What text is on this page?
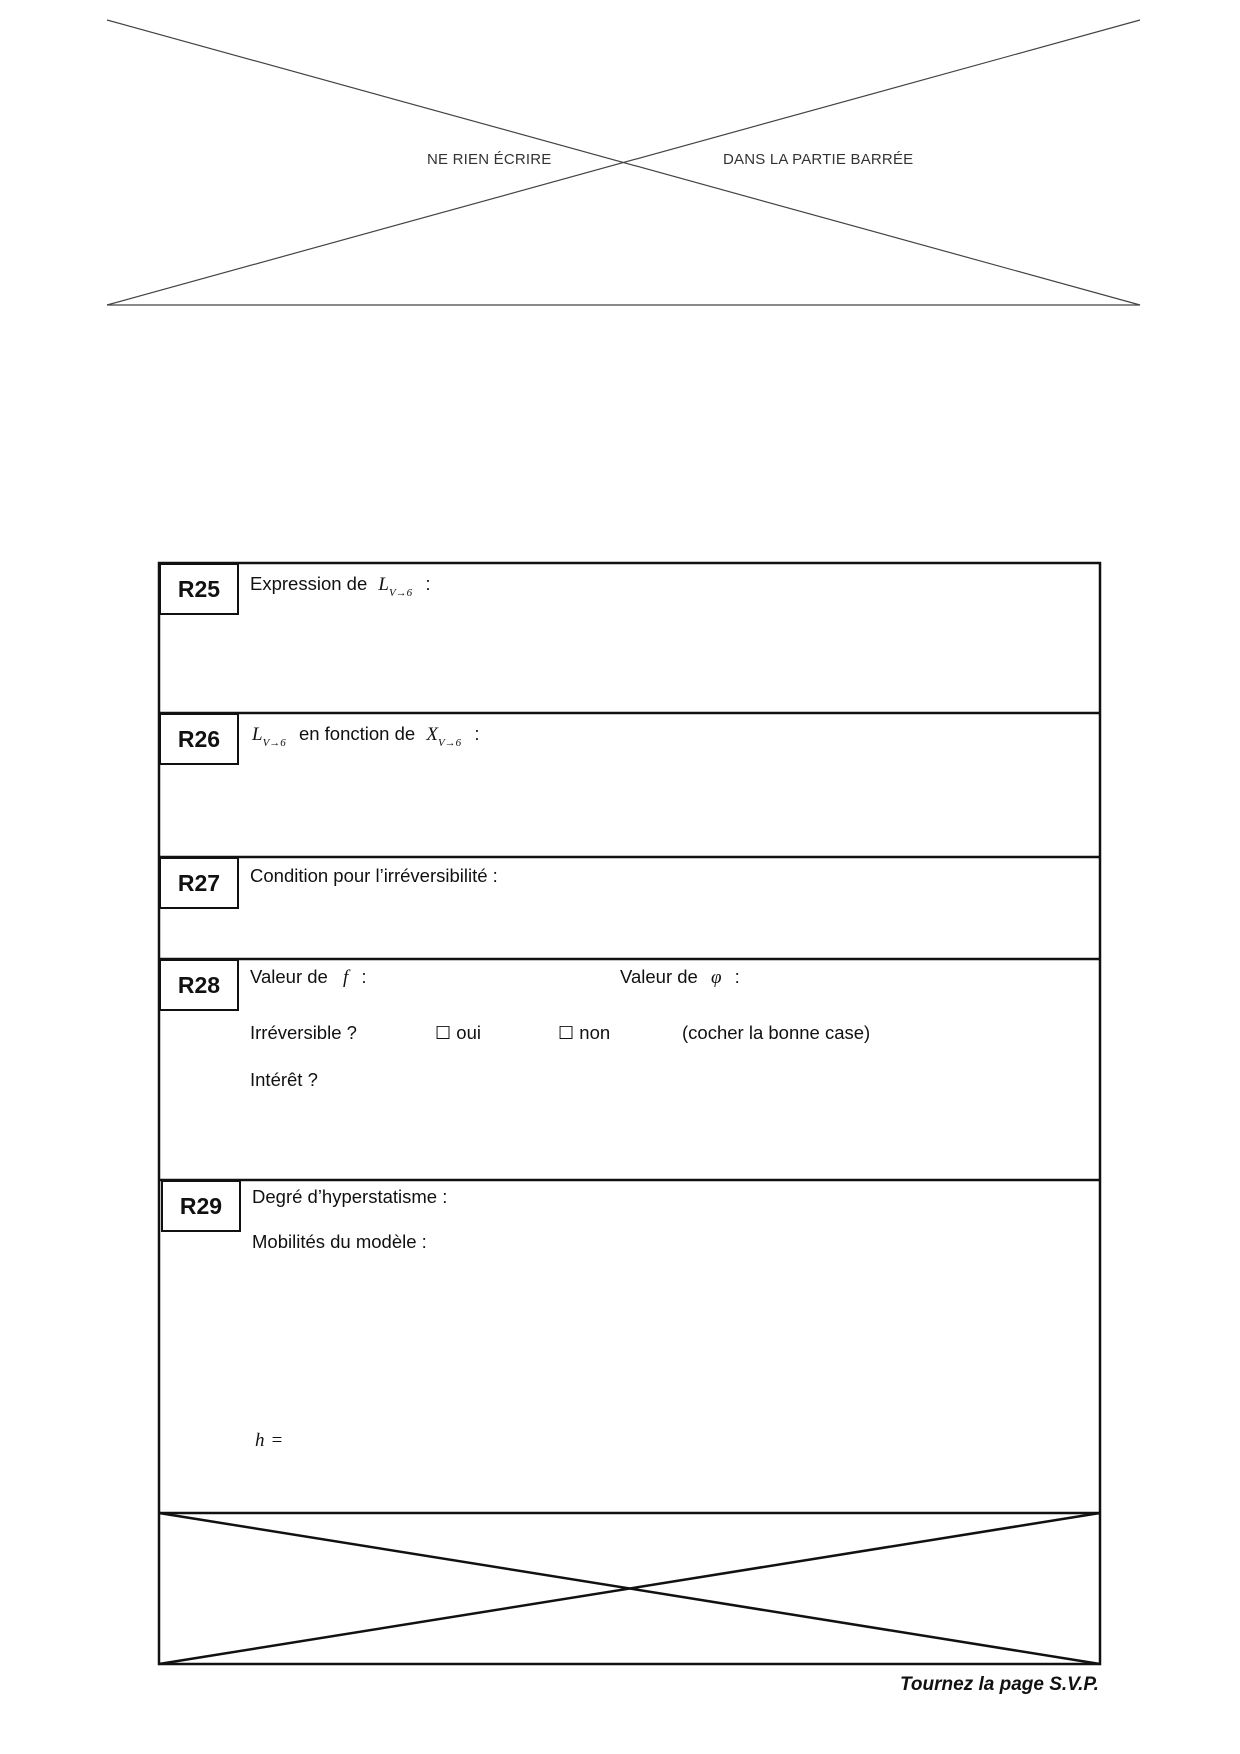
NE RIEN ÉCRIRE	DANS LA PARTIE BARRÉE
R25	Expression de $L_{V\to 6}$ :
R26	$L_{V\to 6}$ en fonction de $X_{V\to 6}$ :
R27	Condition pour l’irréversibilité :
R28	Valeur de f :	Valeur de φ :
Irréversible ?	☐ oui	☐ non	(cocher la bonne case)
Intérêt ?
R29	Degré d’hyperstatisme :
Mobilités du modèle :
h =
Tournez la page S.V.P.
